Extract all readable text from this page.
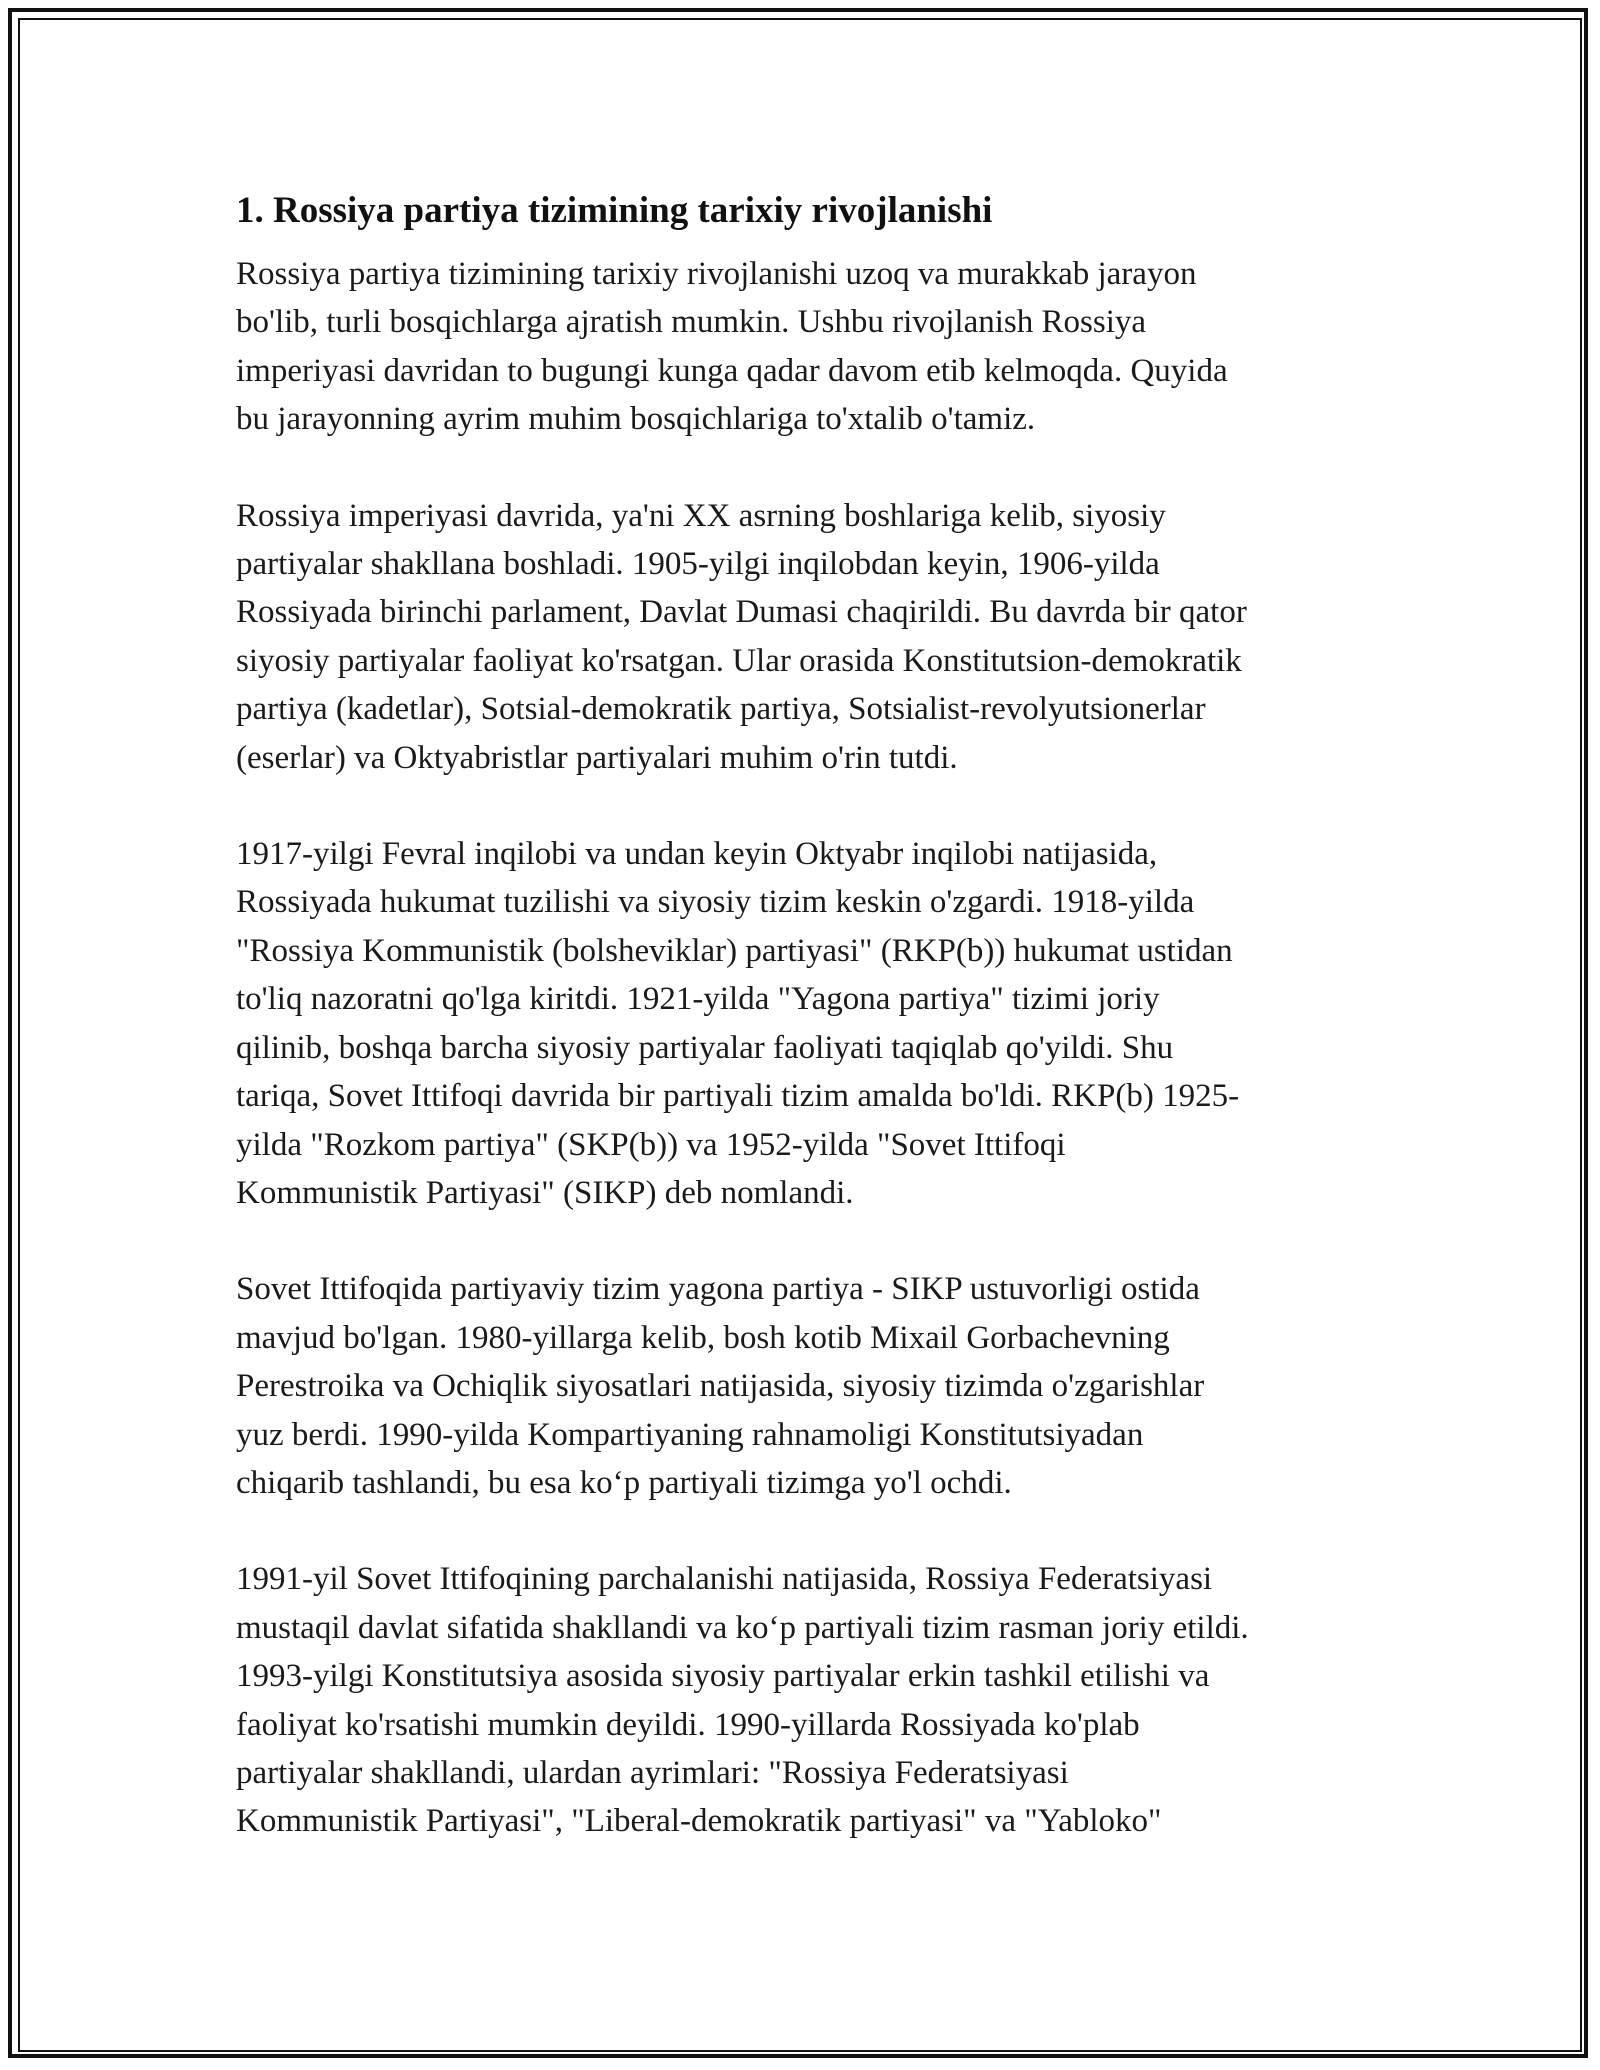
1. Rossiya partiya tizimining tarixiy rivojlanishi

Rossiya partiya tizimining tarixiy rivojlanishi uzoq va murakkab jarayon
bo'lib, turli bosqichlarga ajratish mumkin. Ushbu rivojlanish Rossiya
imperiyasi davridan to bugungi kunga qadar davom etib kelmoqda. Quyida
bu jarayonning ayrim muhim bosqichlariga to'xtalib o'tamiz.

Rossiya imperiyasi davrida, ya'ni XX asrning boshlariga kelib, siyosiy
partiyalar shakllana boshladi. 1905-yilgi inqilobdan keyin, 1906-yilda
Rossiyada birinchi parlament, Davlat Dumasi chaqirildi. Bu davrda bir qator
siyosiy partiyalar faoliyat ko'rsatgan. Ular orasida Konstitutsion-demokratik
partiya (kadetlar), Sotsial-demokratik partiya, Sotsialist-revolyutsionerlar
(eserlar) va Oktyabristlar partiyalari muhim o'rin tutdi.

1917-yilgi Fevral inqilobi va undan keyin Oktyabr inqilobi natijasida,
Rossiyada hukumat tuzilishi va siyosiy tizim keskin o'zgardi. 1918-yilda
"Rossiya Kommunistik (bolsheviklar) partiyasi" (RKP(b)) hukumat ustidan
to'liq nazoratni qo'lga kiritdi. 1921-yilda "Yagona partiya" tizimi joriy
qilinib, boshqa barcha siyosiy partiyalar faoliyati taqiqlab qo'yildi. Shu
tariqa, Sovet Ittifoqi davrida bir partiyali tizim amalda bo'ldi. RKP(b) 1925-
yilda "Rozkom partiya" (SKP(b)) va 1952-yilda "Sovet Ittifoqi
Kommunistik Partiyasi" (SIKP) deb nomlandi.

Sovet Ittifoqida partiyaviy tizim yagona partiya - SIKP ustuvorligi ostida
mavjud bo'lgan. 1980-yillarga kelib, bosh kotib Mixail Gorbachevning
Perestroika va Ochiqlik siyosatlari natijasida, siyosiy tizimda o'zgarishlar
yuz berdi. 1990-yilda Kompartiyaning rahnamoligi Konstitutsiyadan
chiqarib tashlandi, bu esa ko‘p partiyali tizimga yo'l ochdi.

1991-yil Sovet Ittifoqining parchalanishi natijasida, Rossiya Federatsiyasi
mustaqil davlat sifatida shakllandi va ko‘p partiyali tizim rasman joriy etildi.
1993-yilgi Konstitutsiya asosida siyosiy partiyalar erkin tashkil etilishi va
faoliyat ko'rsatishi mumkin deyildi. 1990-yillarda Rossiyada ko'plab
partiyalar shakllandi, ulardan ayrimlari: "Rossiya Federatsiyasi
Kommunistik Partiyasi", "Liberal-demokratik partiyasi" va "Yabloko"
